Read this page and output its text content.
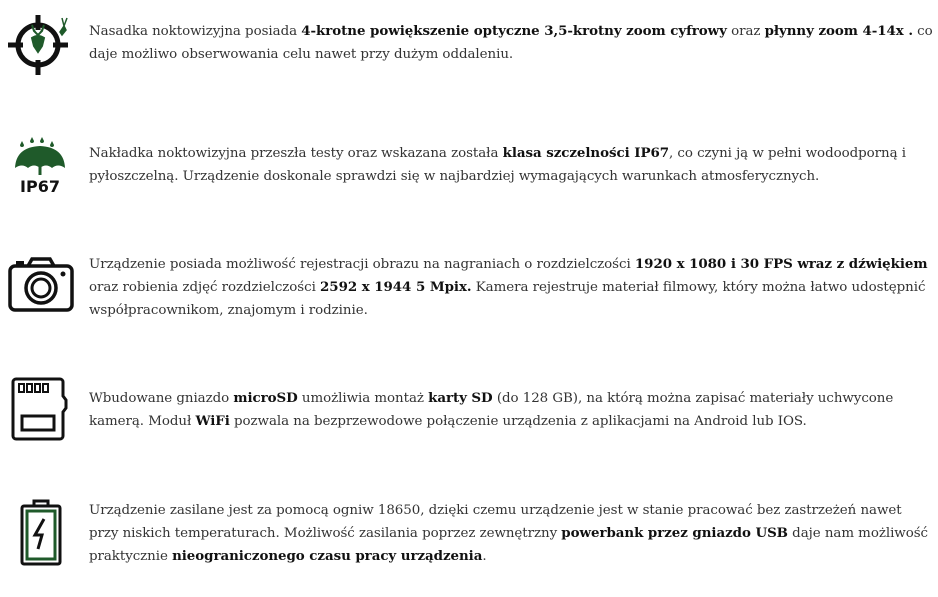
Nasadka noktowizyjna posiada 4-krotne powiększenie optyczne 3,5-krotny zoom cyfrowy oraz płynny zoom 4-14x . co daje możliwo obserwowania celu nawet przy dużym oddaleniu.

IP67

Nakładka noktowizyjna przeszła testy oraz wskazana została klasa szczelności IP67, co czyni ją w pełni wodoodporną i pyłoszczelną. Urządzenie doskonale sprawdzi się w najbardziej wymagających warunkach atmosferycznych.

Urządzenie posiada możliwość rejestracji obrazu na nagraniach o rozdzielczości 1920 x 1080 i 30 FPS wraz z dźwiękiem oraz robienia zdjęć rozdzielczości 2592 x 1944 5 Mpix. Kamera rejestruje materiał filmowy, który można łatwo udostępnić współpracownikom, znajomym i rodzinie.

Wbudowane gniazdo microSD umożliwia montaż karty SD (do 128 GB), na którą można zapisać materiały uchwycone kamerą. Moduł WiFi pozwala na bezprzewodowe połączenie urządzenia z aplikacjami na Android lub IOS.

Urządzenie zasilane jest za pomocą ogniw 18650, dzięki czemu urządzenie jest w stanie pracować bez zastrzeżeń nawet przy niskich temperaturach. Możliwość zasilania poprzez zewnętrzny powerbank przez gniazdo USB daje nam możliwość praktycznie nieograniczonego czasu pracy urządzenia.
